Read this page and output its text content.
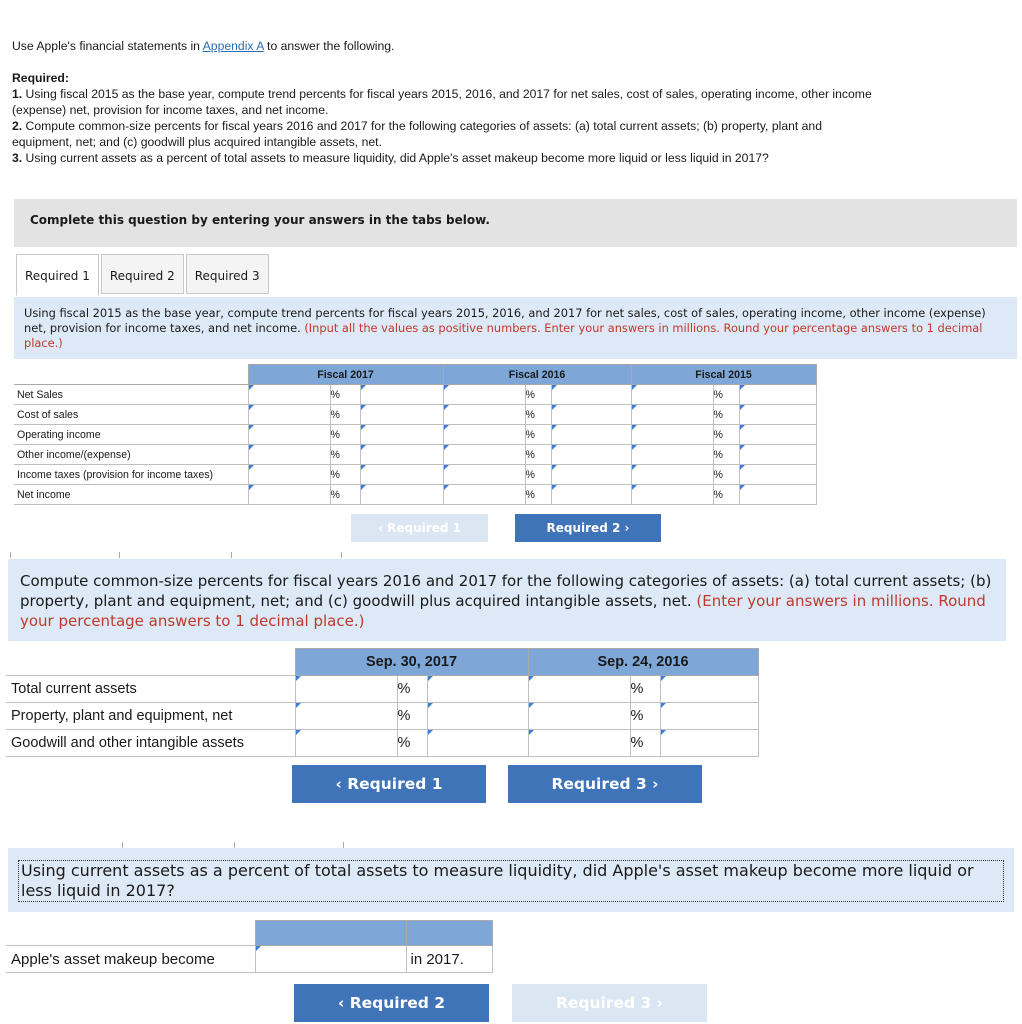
Use Apple's financial statements in Appendix A to answer the following.

Required:

1. Using fiscal 2015 as the base year, compute trend percents for fiscal years 2015, 2016, and 2017 for net sales, cost of sales, operating income, other income (expense) net, provision for income taxes, and net income.

2. Compute common-size percents for fiscal years 2016 and 2017 for the following categories of assets: (a) total current assets; (b) property, plant and equipment, net; and (c) goodwill plus acquired intangible assets, net.

3. Using current assets as a percent of total assets to measure liquidity, did Apple's asset makeup become more liquid or less liquid in 2017?

Complete this question by entering your answers in the tabs below.
Required 1	Required 2	Required 3
Using fiscal 2015 as the base year, compute trend percents for fiscal years 2015, 2016, and 2017 for net sales, cost of sales, operating income, other income (expense) net, provision for income taxes, and net income. (Input all the values as positive numbers. Enter your answers in millions. Round your percentage answers to 1 decimal place.)
	Fiscal 2017			Fiscal 2016			Fiscal 2015		
Net Sales		%			%			%	

Cost of sales		%			%			%	

Operating income		%			%			%	

Other income/(expense)		%			%			%	

Income taxes (provision for income taxes)		%			%			%	

Net income		%			%			%	
‹ Required 1	Required 2 ›
Compute common-size percents for fiscal years 2016 and 2017 for the following categories of assets: (a) total current assets; (b) property, plant and equipment, net; and (c) goodwill plus acquired intangible assets, net. (Enter your answers in millions. Round your percentage answers to 1 decimal place.)
	Sep. 30, 2017			Sep. 24, 2016		
Total current assets		%			%	

Property, plant and equipment, net		%			%	

Goodwill and other intangible assets		%			%	
‹ Required 1	Required 3 ›
Using current assets as a percent of total assets to measure liquidity, did Apple's asset makeup become more liquid or less liquid in 2017?

Apple's asset makeup become		in 2017.
‹ Required 2	Required 3 ›
